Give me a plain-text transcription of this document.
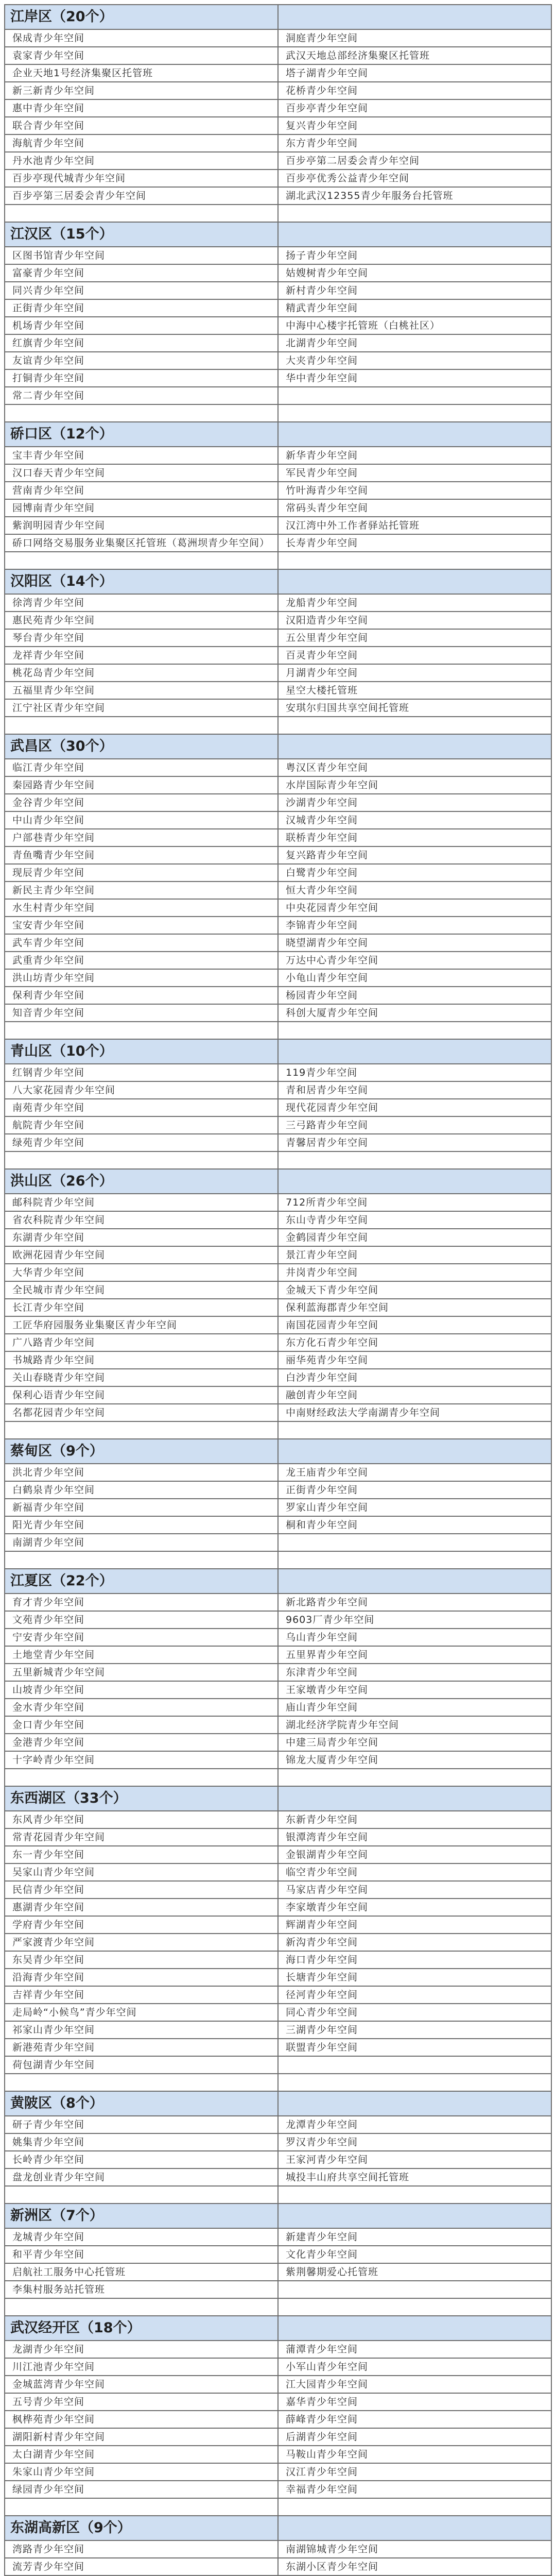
江岸区（20个）
保成青少年空间	洞庭青少年空间
袁家青少年空间	武汉天地总部经济集聚区托管班
企业天地1号经济集聚区托管班	塔子湖青少年空间
新三新青少年空间	花桥青少年空间
惠中青少年空间	百步亭青少年空间
联合青少年空间	复兴青少年空间
海航青少年空间	东方青少年空间
丹水池青少年空间	百步亭第二居委会青少年空间
百步亭现代城青少年空间	百步亭优秀公益青少年空间
百步亭第三居委会青少年空间	湖北武汉12355青少年服务台托管班
江汉区（15个）
区图书馆青少年空间	扬子青少年空间
富豪青少年空间	姑嫂树青少年空间
同兴青少年空间	新村青少年空间
正街青少年空间	精武青少年空间
机场青少年空间	中海中心楼宇托管班（白桃社区）
红旗青少年空间	北湖青少年空间
友谊青少年空间	大夹青少年空间
打铜青少年空间	华中青少年空间
常二青少年空间
硚口区（12个）
宝丰青少年空间	新华青少年空间
汉口春天青少年空间	军民青少年空间
营南青少年空间	竹叶海青少年空间
园博南青少年空间	常码头青少年空间
紫润明园青少年空间	汉江湾中外工作者驿站托管班
硚口网络交易服务业集聚区托管班（葛洲坝青少年空间）	长寿青少年空间
汉阳区（14个）
徐湾青少年空间	龙船青少年空间
惠民苑青少年空间	汉阳造青少年空间
琴台青少年空间	五公里青少年空间
龙祥青少年空间	百灵青少年空间
桃花岛青少年空间	月湖青少年空间
五福里青少年空间	星空大楼托管班
江宁社区青少年空间	安琪尔归国共享空间托管班
武昌区（30个）
临江青少年空间	粤汉区青少年空间
秦园路青少年空间	水岸国际青少年空间
金谷青少年空间	沙湖青少年空间
中山青少年空间	汉城青少年空间
户部巷青少年空间	联桥青少年空间
青鱼嘴青少年空间	复兴路青少年空间
现辰青少年空间	白鹭青少年空间
新民主青少年空间	恒大青少年空间
水生村青少年空间	中央花园青少年空间
宝安青少年空间	李锦青少年空间
武车青少年空间	晓望湖青少年空间
武重青少年空间	万达中心青少年空间
洪山坊青少年空间	小龟山青少年空间
保利青少年空间	杨园青少年空间
知音青少年空间	科创大厦青少年空间
青山区（10个）
红钢青少年空间	119青少年空间
八大家花园青少年空间	青和居青少年空间
南苑青少年空间	现代花园青少年空间
航院青少年空间	三弓路青少年空间
绿苑青少年空间	青馨居青少年空间
洪山区（26个）
邮科院青少年空间	712所青少年空间
省农科院青少年空间	东山寺青少年空间
东湖青少年空间	金鹤园青少年空间
欧洲花园青少年空间	景江青少年空间
大华青少年空间	井岗青少年空间
全民城市青少年空间	金城天下青少年空间
长江青少年空间	保利蓝海郡青少年空间
工匠华府园服务业集聚区青少年空间	南国花园青少年空间
广八路青少年空间	东方化石青少年空间
书城路青少年空间	丽华苑青少年空间
关山春晓青少年空间	白沙青少年空间
保利心语青少年空间	融创青少年空间
名都花园青少年空间	中南财经政法大学南湖青少年空间
蔡甸区（9个）
洪北青少年空间	龙王庙青少年空间
白鹤泉青少年空间	正街青少年空间
新福青少年空间	罗家山青少年空间
阳光青少年空间	桐和青少年空间
南湖青少年空间
江夏区（22个）
育才青少年空间	新北路青少年空间
文苑青少年空间	9603厂青少年空间
宁安青少年空间	乌山青少年空间
土地堂青少年空间	五里界青少年空间
五里新城青少年空间	东津青少年空间
山坡青少年空间	王家墩青少年空间
金水青少年空间	庙山青少年空间
金口青少年空间	湖北经济学院青少年空间
金港青少年空间	中建三局青少年空间
十字岭青少年空间	锦龙大厦青少年空间
东西湖区（33个）
东风青少年空间	东新青少年空间
常青花园青少年空间	银潭湾青少年空间
东一青少年空间	金银湖青少年空间
吴家山青少年空间	临空青少年空间
民信青少年空间	马家店青少年空间
惠湖青少年空间	李家墩青少年空间
学府青少年空间	辉湖青少年空间
严家渡青少年空间	新沟青少年空间
东吴青少年空间	海口青少年空间
沿海青少年空间	长塘青少年空间
吉祥青少年空间	径河青少年空间
走局岭“小候鸟”青少年空间	同心青少年空间
祁家山青少年空间	三湖青少年空间
新港苑青少年空间	联盟青少年空间
荷包湖青少年空间
黄陂区（8个）
研子青少年空间	龙潭青少年空间
姚集青少年空间	罗汉青少年空间
长岭青少年空间	王家河青少年空间
盘龙创业青少年空间	城投丰山府共享空间托管班
新洲区（7个）
龙城青少年空间	新建青少年空间
和平青少年空间	文化青少年空间
启航社工服务中心托管班	紫荆馨期爱心托管班
李集村服务站托管班
武汉经开区（18个）
龙湖青少年空间	蒲潭青少年空间
川江池青少年空间	小军山青少年空间
金城蓝湾青少年空间	江大园青少年空间
五号青少年空间	嘉华青少年空间
枫桦苑青少年空间	薛峰青少年空间
湖阳新村青少年空间	后湖青少年空间
太白湖青少年空间	马鞍山青少年空间
朱家山青少年空间	汉江青少年空间
绿园青少年空间	幸福青少年空间
东湖高新区（9个）
湾路青少年空间	南湖锦城青少年空间
流芳青少年空间	东湖小区青少年空间
